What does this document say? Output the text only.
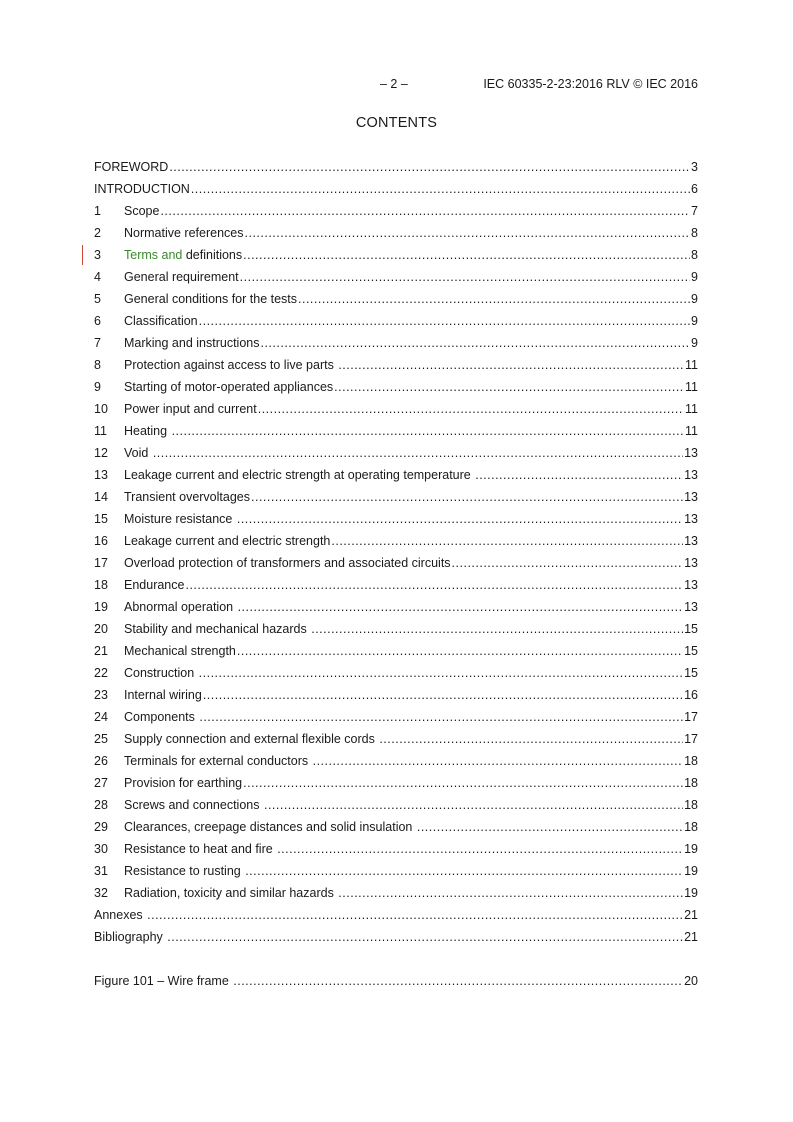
– 2 –	IEC 60335-2-23:2016 RLV © IEC 2016
CONTENTS
FOREWORD .....	3
INTRODUCTION .....	6
1	Scope .....	7
2	Normative references .....	8
3	Terms and definitions .....	8
4	General requirement .....	9
5	General conditions for the tests .....	9
6	Classification .....	9
7	Marking and instructions .....	9
8	Protection against access to live parts .....	11
9	Starting of motor-operated appliances .....	11
10	Power input and current .....	11
11	Heating .....	11
12	Void .....	13
13	Leakage current and electric strength at operating temperature .....	13
14	Transient overvoltages .....	13
15	Moisture resistance .....	13
16	Leakage current and electric strength .....	13
17	Overload protection of transformers and associated circuits .....	13
18	Endurance .....	13
19	Abnormal operation .....	13
20	Stability and mechanical hazards .....	15
21	Mechanical strength .....	15
22	Construction .....	15
23	Internal wiring .....	16
24	Components .....	17
25	Supply connection and external flexible cords .....	17
26	Terminals for external conductors .....	18
27	Provision for earthing .....	18
28	Screws and connections .....	18
29	Clearances, creepage distances and solid insulation .....	18
30	Resistance to heat and fire .....	19
31	Resistance to rusting .....	19
32	Radiation, toxicity and similar hazards .....	19
Annexes .....	21
Bibliography .....	21
Figure 101 – Wire frame .....	20
